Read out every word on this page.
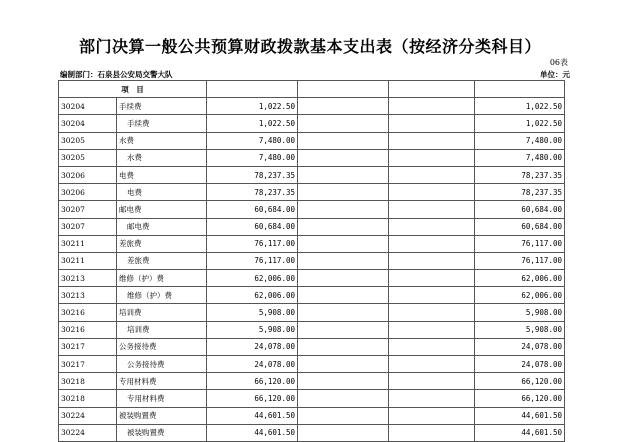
部门决算一般公共预算财政拨款基本支出表（按经济分类科目）
06表
编制部门：石泉县公安局交警大队	单位：元
项　目					
30204	手续费	1,022.50			1,022.50
30204	手续费	1,022.50			1,022.50
30205	水费	7,480.00			7,480.00
30205	水费	7,480.00			7,480.00
30206	电费	78,237.35			78,237.35
30206	电费	78,237.35			78,237.35
30207	邮电费	60,684.00			60,684.00
30207	邮电费	60,684.00			60,684.00
30211	差旅费	76,117.00			76,117.00
30211	差旅费	76,117.00			76,117.00
30213	维修（护）费	62,006.00			62,006.00
30213	维修（护）费	62,006.00			62,006.00
30216	培训费	5,908.00			5,908.00
30216	培训费	5,908.00			5,908.00
30217	公务接待费	24,078.00			24,078.00
30217	公务接待费	24,078.00			24,078.00
30218	专用材料费	66,120.00			66,120.00
30218	专用材料费	66,120.00			66,120.00
30224	被装购置费	44,601.50			44,601.50
30224	被装购置费	44,601.50			44,601.50
